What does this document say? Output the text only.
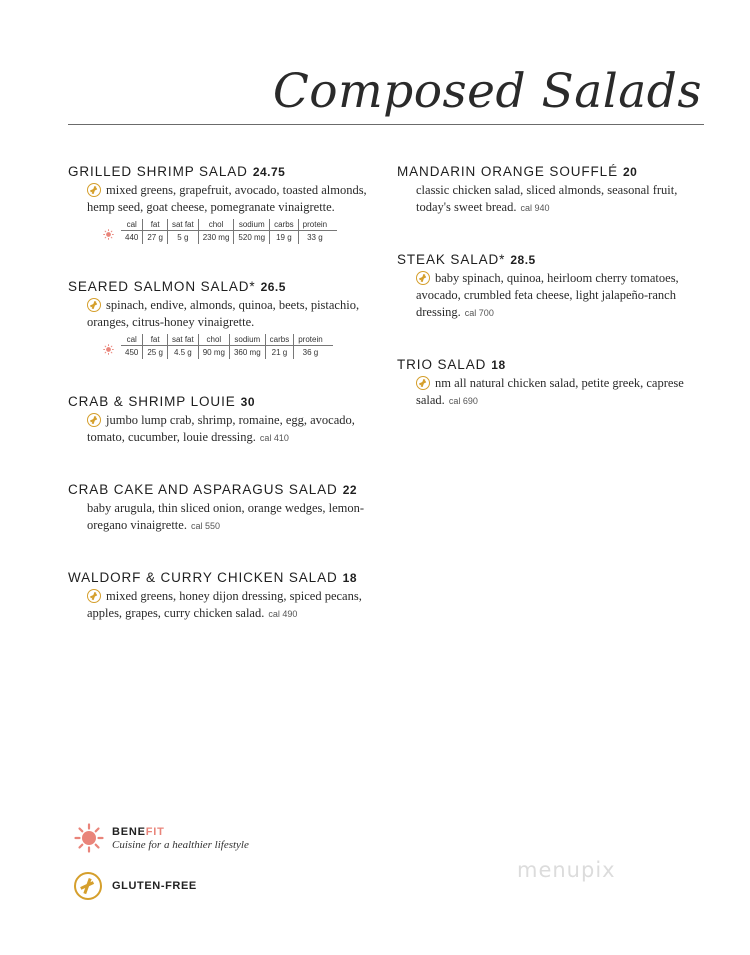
Composed Salads
GRILLED SHRIMP SALAD 24.75
mixed greens, grapefruit, avocado, toasted almonds, hemp seed, goat cheese, pomegranate vinaigrette.
cal	fat	sat fat	chol	sodium	carbs	protein
440	27 g	5 g	230 mg	520 mg	19 g	33 g
SEARED SALMON SALAD* 26.5
spinach, endive, almonds, quinoa, beets, pistachio, oranges, citrus-honey vinaigrette.
cal	fat	sat fat	chol	sodium	carbs	protein
450	25 g	4.5 g	90 mg	360 mg	21 g	36 g
CRAB & SHRIMP LOUIE 30
jumbo lump crab, shrimp, romaine, egg, avocado, tomato, cucumber, louie dressing. cal 410
CRAB CAKE AND ASPARAGUS SALAD 22
baby arugula, thin sliced onion, orange wedges, lemon-oregano vinaigrette. cal 550
WALDORF & CURRY CHICKEN SALAD 18
mixed greens, honey dijon dressing, spiced pecans, apples, grapes, curry chicken salad. cal 490
MANDARIN ORANGE SOUFFLÉ 20
classic chicken salad, sliced almonds, seasonal fruit, today's sweet bread. cal 940
STEAK SALAD* 28.5
baby spinach, quinoa, heirloom cherry tomatoes, avocado, crumbled feta cheese, light jalapeño-ranch dressing. cal 700
TRIO SALAD 18
nm all natural chicken salad, petite greek, caprese salad. cal 690
BENEFIT
Cuisine for a healthier lifestyle
GLUTEN-FREE
menupix
